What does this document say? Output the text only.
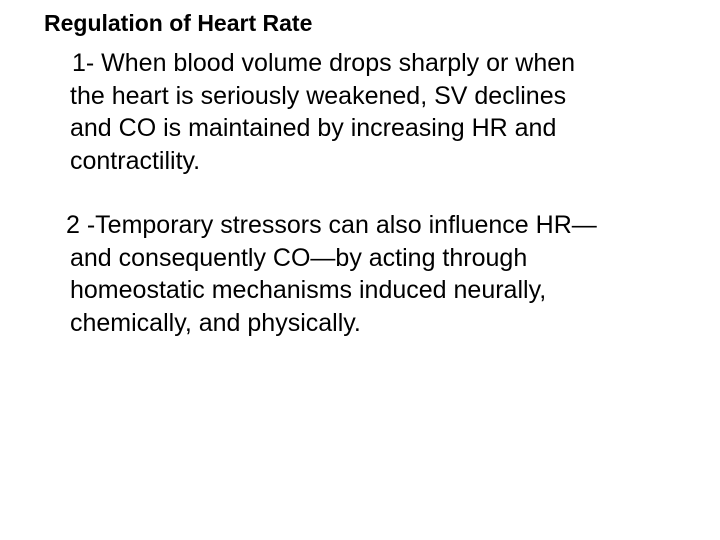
Regulation of Heart Rate
1- When blood volume drops sharply or when
the heart is seriously weakened, SV declines
and CO is maintained by increasing HR and
contractility.
2 -Temporary stressors can also influence HR—
and consequently CO—by acting through
homeostatic mechanisms induced neurally,
chemically, and physically.
